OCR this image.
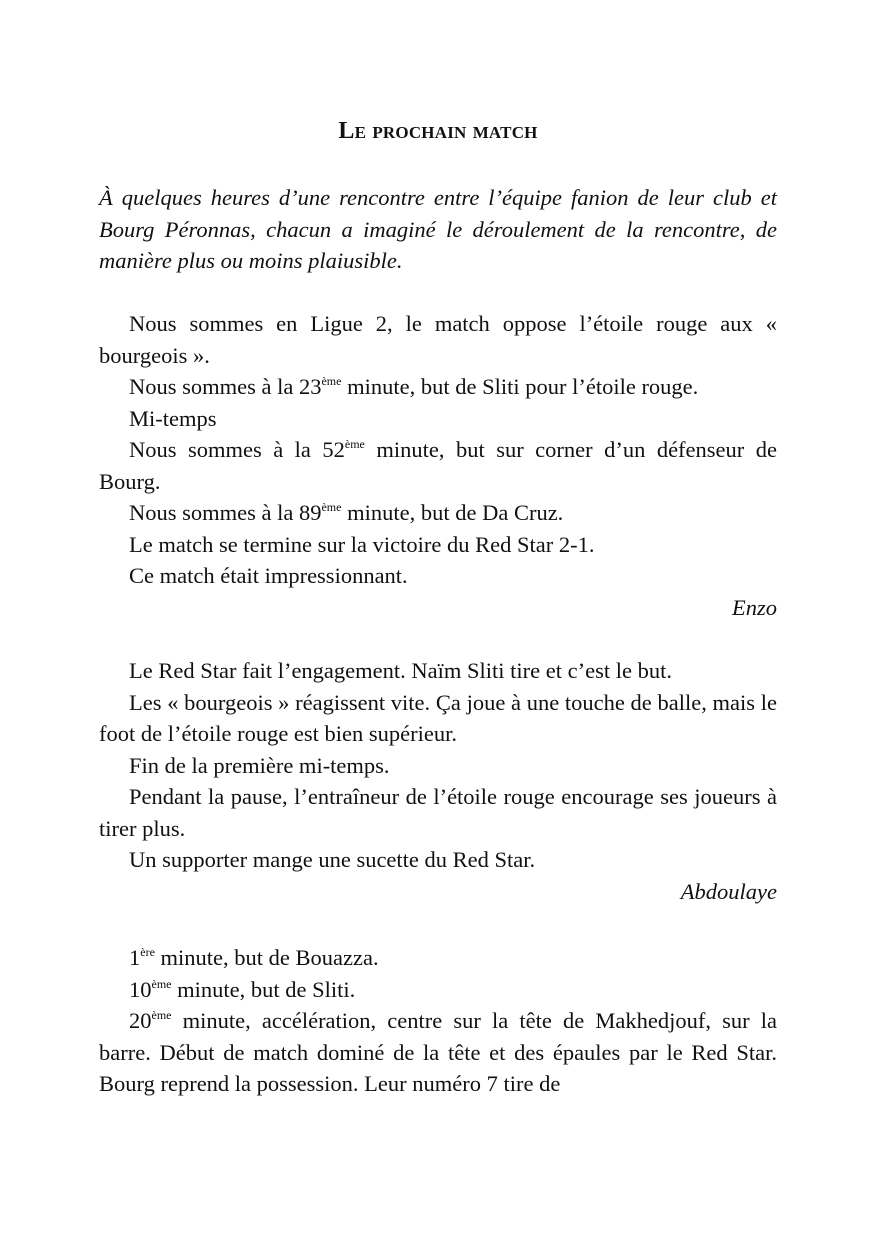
Le prochain match

À quelques heures d’une rencontre entre l’équipe fanion de leur club et Bourg Péronnas, chacun a imaginé le déroulement de la rencontre, de manière plus ou moins plaiusible.

Nous sommes en Ligue 2, le match oppose l’étoile rouge aux « bourgeois ».

Nous sommes à la 23ème minute, but de Sliti pour l’étoile rouge.

Mi-temps

Nous sommes à la 52ème minute, but sur corner d’un défenseur de Bourg.

Nous sommes à la 89ème minute, but de Da Cruz.

Le match se termine sur la victoire du Red Star 2-1.

Ce match était impressionnant.

Enzo

Le Red Star fait l’engagement. Naïm Sliti tire et c’est le but.

Les « bourgeois » réagissent vite. Ça joue à une touche de balle, mais le foot de l’étoile rouge est bien supérieur.

Fin de la première mi-temps.

Pendant la pause, l’entraîneur de l’étoile rouge encourage ses joueurs à tirer plus.

Un supporter mange une sucette du Red Star.

Abdoulaye

1ère minute, but de Bouazza.

10ème minute, but de Sliti.

20ème minute, accélération, centre sur la tête de Makhedjouf, sur la barre. Début de match dominé de la tête et des épaules par le Red Star. Bourg reprend la possession. Leur numéro 7 tire de
